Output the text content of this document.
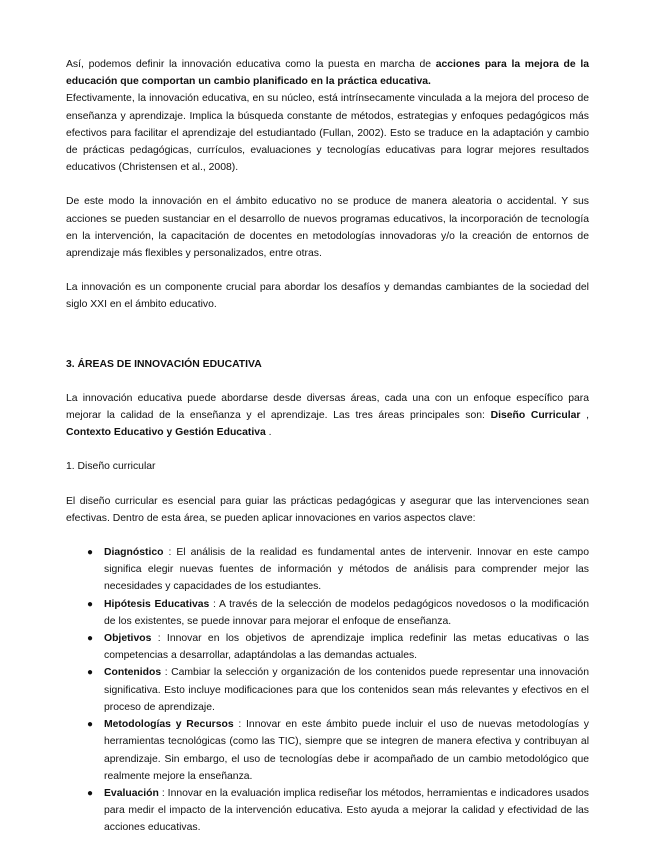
Así, podemos definir la innovación educativa como la puesta en marcha de acciones para la mejora de la educación que comportan un cambio planificado en la práctica educativa.

Efectivamente, la innovación educativa, en su núcleo, está intrínsecamente vinculada a la mejora del proceso de enseñanza y aprendizaje. Implica la búsqueda constante de métodos, estrategias y enfoques pedagógicos más efectivos para facilitar el aprendizaje del estudiantado (Fullan, 2002). Esto se traduce en la adaptación y cambio de prácticas pedagógicas, currículos, evaluaciones y tecnologías educativas para lograr mejores resultados educativos (Christensen et al., 2008).

De este modo la innovación en el ámbito educativo no se produce de manera aleatoria o accidental. Y sus acciones se pueden sustanciar en el desarrollo de nuevos programas educativos, la incorporación de tecnología en la intervención, la capacitación de docentes en metodologías innovadoras y/o la creación de entornos de aprendizaje más flexibles y personalizados, entre otras.

La innovación es un componente crucial para abordar los desafíos y demandas cambiantes de la sociedad del siglo XXI en el ámbito educativo.

3. ÁREAS DE INNOVACIÓN EDUCATIVA

La innovación educativa puede abordarse desde diversas áreas, cada una con un enfoque específico para mejorar la calidad de la enseñanza y el aprendizaje. Las tres áreas principales son: Diseño Curricular , Contexto Educativo y Gestión Educativa .

1. Diseño curricular

El diseño curricular es esencial para guiar las prácticas pedagógicas y asegurar que las intervenciones sean efectivas. Dentro de esta área, se pueden aplicar innovaciones en varios aspectos clave:

● Diagnóstico : El análisis de la realidad es fundamental antes de intervenir. Innovar en este campo significa elegir nuevas fuentes de información y métodos de análisis para comprender mejor las necesidades y capacidades de los estudiantes.
● Hipótesis Educativas : A través de la selección de modelos pedagógicos novedosos o la modificación de los existentes, se puede innovar para mejorar el enfoque de enseñanza.
● Objetivos : Innovar en los objetivos de aprendizaje implica redefinir las metas educativas o las competencias a desarrollar, adaptándolas a las demandas actuales.
● Contenidos : Cambiar la selección y organización de los contenidos puede representar una innovación significativa. Esto incluye modificaciones para que los contenidos sean más relevantes y efectivos en el proceso de aprendizaje.
● Metodologías y Recursos : Innovar en este ámbito puede incluir el uso de nuevas metodologías y herramientas tecnológicas (como las TIC), siempre que se integren de manera efectiva y contribuyan al aprendizaje. Sin embargo, el uso de tecnologías debe ir acompañado de un cambio metodológico que realmente mejore la enseñanza.
● Evaluación : Innovar en la evaluación implica rediseñar los métodos, herramientas e indicadores usados para medir el impacto de la intervención educativa. Esto ayuda a mejorar la calidad y efectividad de las acciones educativas.
